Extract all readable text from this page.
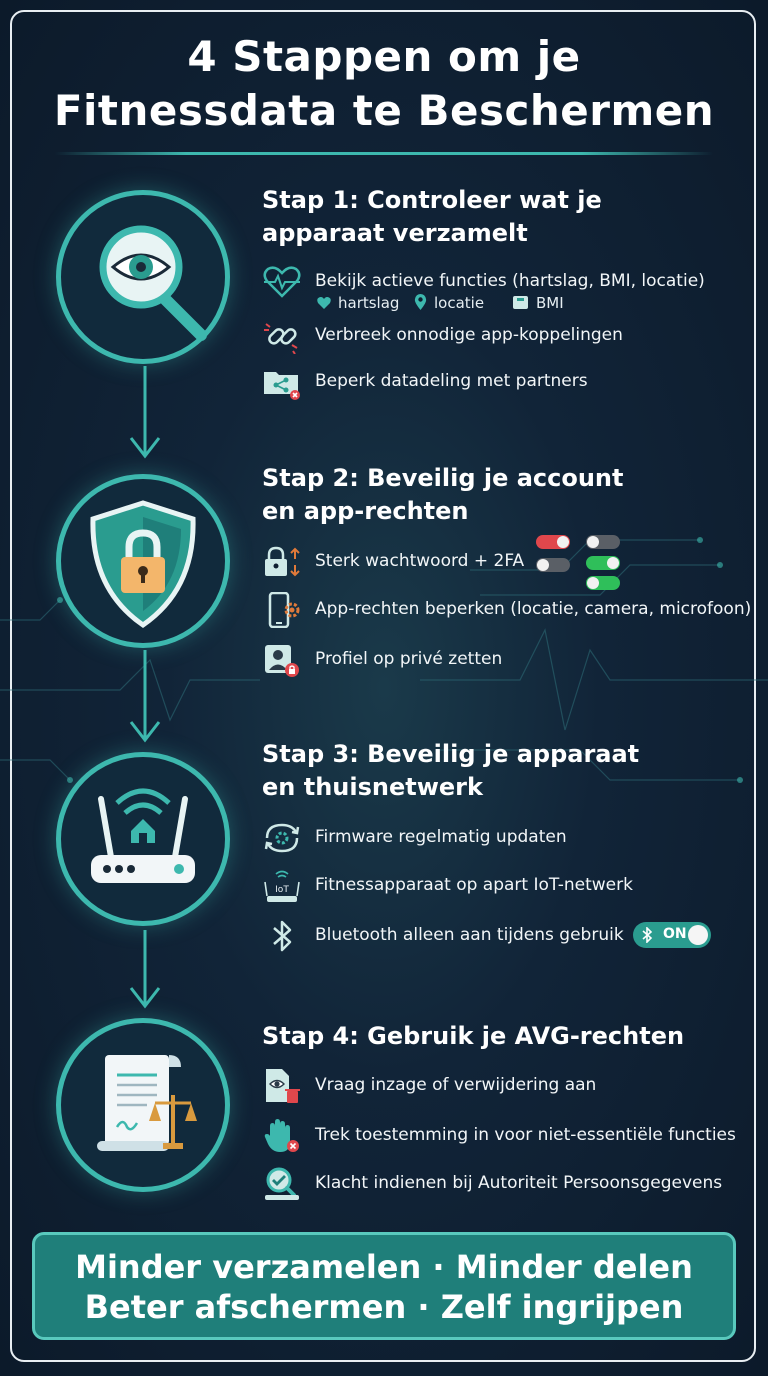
4 Stappen om je
Fitnessdata te Beschermen
Stap 1: Controleer wat je
apparaat verzamelt
Bekijk actieve functies (hartslag, BMI, locatie)
hartslag locatie	BMI
Verbreek onnodige app-koppelingen
Beperk datadeling met partners
Stap 2: Beveilig je account
en app-rechten
Sterk wachtwoord + 2FA
App-rechten beperken (locatie, camera, microfoon)
Profiel op privé zetten
Stap 3: Beveilig je apparaat
en thuisnetwerk
Firmware regelmatig updaten
IoT Fitnessapparaat op apart IoT-netwerk
Bluetooth alleen aan tijdens gebruik	ON
Stap 4: Gebruik je AVG-rechten
Vraag inzage of verwijdering aan
Trek toestemming in voor niet-essentiële functies
Klacht indienen bij Autoriteit Persoonsgegevens
Minder verzamelen · Minder delen
Beter afschermen · Zelf ingrijpen
